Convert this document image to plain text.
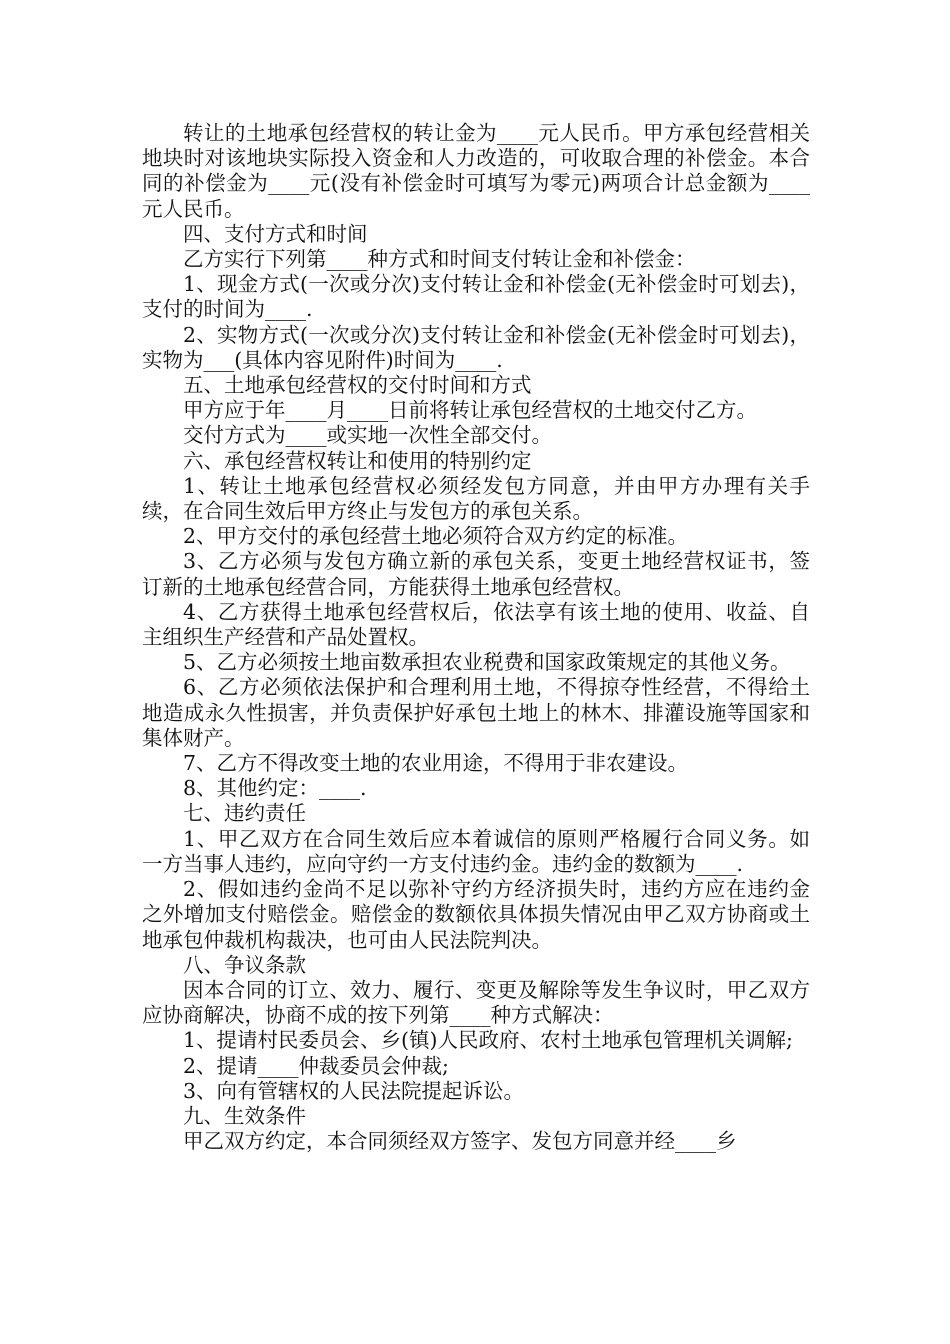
转让的土地承包经营权的转让金为____元人民币。甲方承包经营相关地块时对该地块实际投入资金和人力改造的，可收取合理的补偿金。本合同的补偿金为____元(没有补偿金时可填写为零元)两项合计总金额为____元人民币。

四、支付方式和时间

乙方实行下列第____种方式和时间支付转让金和补偿金：

1、现金方式(一次或分次)支付转让金和补偿金(无补偿金时可划去)，支付的时间为____.

2、实物方式(一次或分次)支付转让金和补偿金(无补偿金时可划去)，实物为___(具体内容见附件)时间为____.

五、土地承包经营权的交付时间和方式

甲方应于年____月____日前将转让承包经营权的土地交付乙方。

交付方式为____或实地一次性全部交付。

六、承包经营权转让和使用的特别约定

1、转让土地承包经营权必须经发包方同意，并由甲方办理有关手续，在合同生效后甲方终止与发包方的承包关系。

2、甲方交付的承包经营土地必须符合双方约定的标准。

3、乙方必须与发包方确立新的承包关系，变更土地经营权证书，签订新的土地承包经营合同，方能获得土地承包经营权。

4、乙方获得土地承包经营权后，依法享有该土地的使用、收益、自主组织生产经营和产品处置权。

5、乙方必须按土地亩数承担农业税费和国家政策规定的其他义务。

6、乙方必须依法保护和合理利用土地，不得掠夺性经营，不得给土地造成永久性损害，并负责保护好承包土地上的林木、排灌设施等国家和集体财产。

7、乙方不得改变土地的农业用途，不得用于非农建设。

8、其他约定：____.

七、违约责任

1、甲乙双方在合同生效后应本着诚信的原则严格履行合同义务。如一方当事人违约，应向守约一方支付违约金。违约金的数额为____.

2、假如违约金尚不足以弥补守约方经济损失时，违约方应在违约金之外增加支付赔偿金。赔偿金的数额依具体损失情况由甲乙双方协商或土地承包仲裁机构裁决，也可由人民法院判决。

八、争议条款

因本合同的订立、效力、履行、变更及解除等发生争议时，甲乙双方应协商解决，协商不成的按下列第____种方式解决：

1、提请村民委员会、乡(镇)人民政府、农村土地承包管理机关调解;

2、提请____仲裁委员会仲裁;

3、向有管辖权的人民法院提起诉讼。

九、生效条件

甲乙双方约定，本合同须经双方签字、发包方同意并经____乡
